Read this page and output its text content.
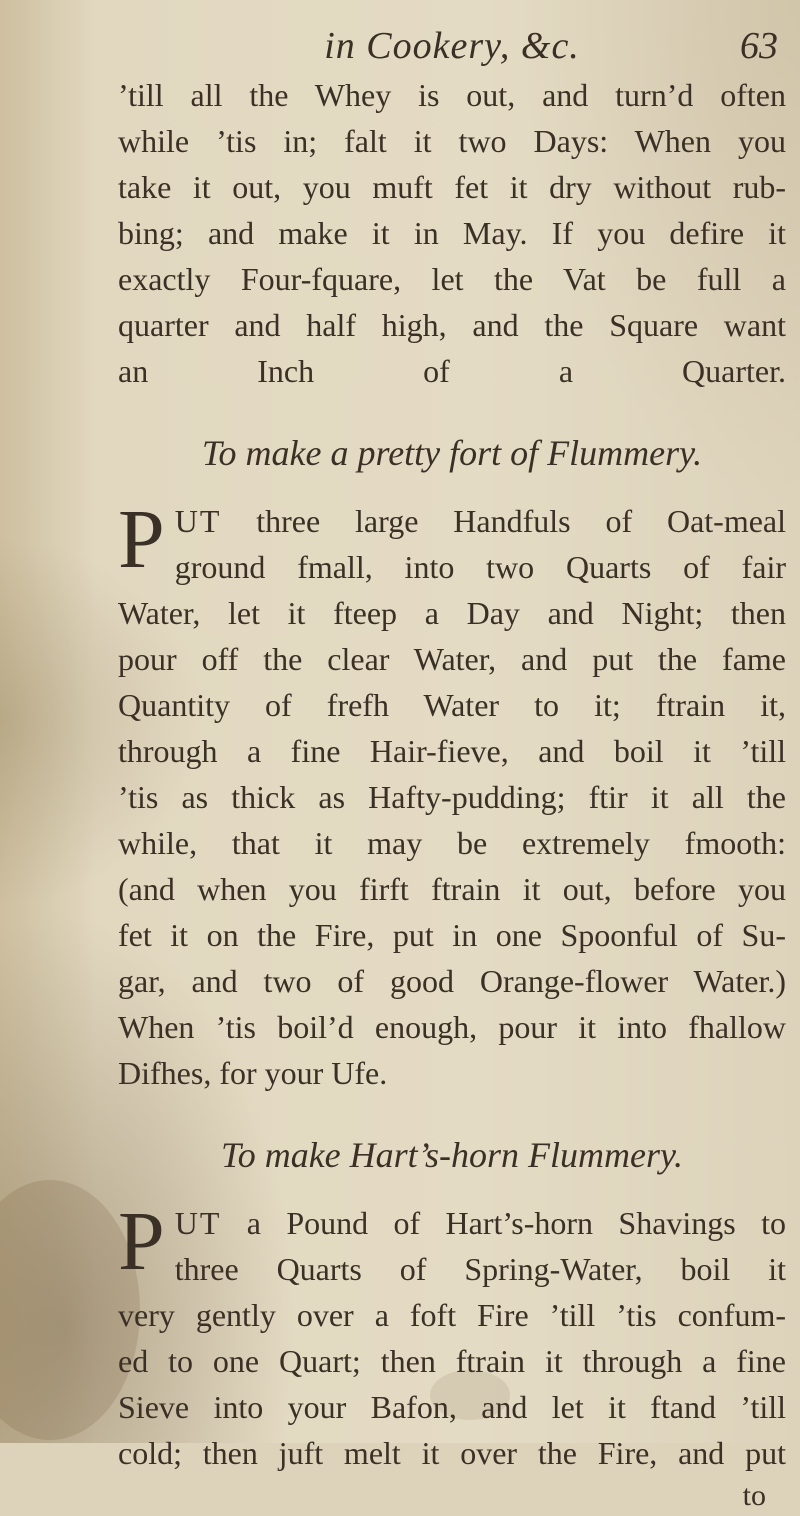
in Cookery, &c.	63
’till all the Whey is out, and turn’d often
while ’tis in; falt it two Days: When you
take it out, you muft fet it dry without rub-
bing; and make it in May. If you defire it
exactly Four-fquare, let the Vat be full a
quarter and half high, and the Square want
an Inch of a Quarter.
To make a pretty fort of Flummery.
P UT three large Handfuls of Oat-meal
ground fmall, into two Quarts of fair
Water, let it fteep a Day and Night; then
pour off the clear Water, and put the fame
Quantity of frefh Water to it; ftrain it,
through a fine Hair-fieve, and boil it ’till
’tis as thick as Hafty-pudding; ftir it all the
while, that it may be extremely fmooth:
(and when you firft ftrain it out, before you
fet it on the Fire, put in one Spoonful of Su-
gar, and two of good Orange-flower Water.)
When ’tis boil’d enough, pour it into fhallow
Difhes, for your Ufe.
To make Hart’s-horn Flummery.
P UT a Pound of Hart’s-horn Shavings to
three Quarts of Spring-Water, boil it
very gently over a foft Fire ’till ’tis confum-
ed to one Quart; then ftrain it through a fine
Sieve into your Bafon, and let it ftand ’till
cold; then juft melt it over the Fire, and put
to
